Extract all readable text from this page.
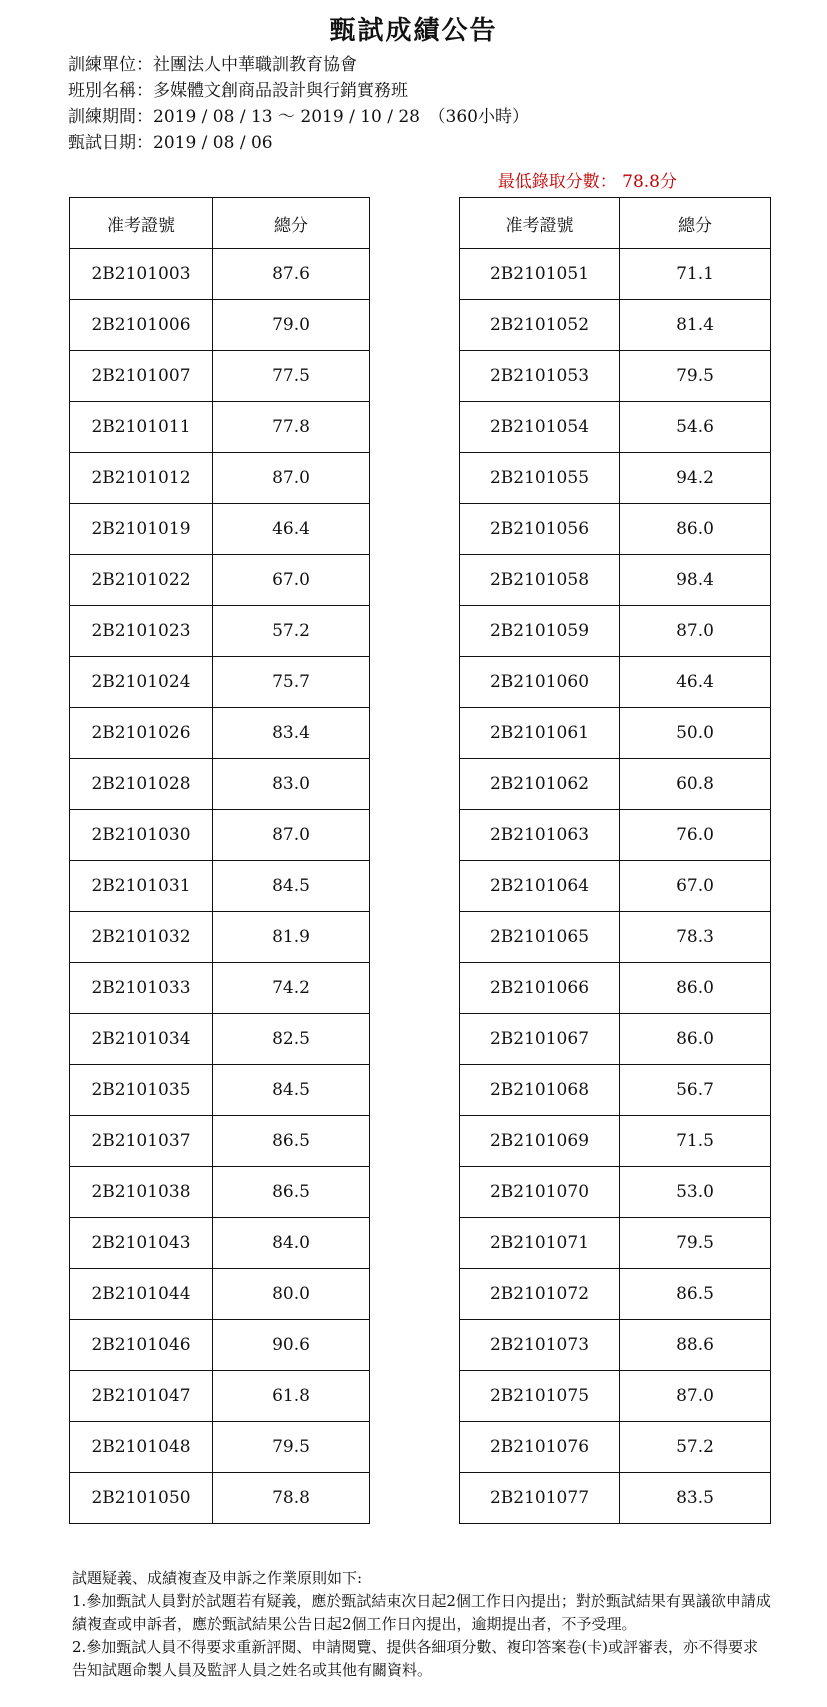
甄試成績公告
訓練單位：社團法人中華職訓教育協會
班別名稱：多媒體文創商品設計與行銷實務班
訓練期間：2019 / 08 / 13 ～ 2019 / 10 / 28　（360小時）
甄試日期：2019 / 08 / 06
最低錄取分數： 78.8分
准考證號	總分
2B2101003	87.6
2B2101006	79.0
2B2101007	77.5
2B2101011	77.8
2B2101012	87.0
2B2101019	46.4
2B2101022	67.0
2B2101023	57.2
2B2101024	75.7
2B2101026	83.4
2B2101028	83.0
2B2101030	87.0
2B2101031	84.5
2B2101032	81.9
2B2101033	74.2
2B2101034	82.5
2B2101035	84.5
2B2101037	86.5
2B2101038	86.5
2B2101043	84.0
2B2101044	80.0
2B2101046	90.6
2B2101047	61.8
2B2101048	79.5
2B2101050	78.8
准考證號	總分
2B2101051	71.1
2B2101052	81.4
2B2101053	79.5
2B2101054	54.6
2B2101055	94.2
2B2101056	86.0
2B2101058	98.4
2B2101059	87.0
2B2101060	46.4
2B2101061	50.0
2B2101062	60.8
2B2101063	76.0
2B2101064	67.0
2B2101065	78.3
2B2101066	86.0
2B2101067	86.0
2B2101068	56.7
2B2101069	71.5
2B2101070	53.0
2B2101071	79.5
2B2101072	86.5
2B2101073	88.6
2B2101075	87.0
2B2101076	57.2
2B2101077	83.5
試題疑義、成績複查及申訴之作業原則如下:
1.參加甄試人員對於試題若有疑義，應於甄試結束次日起2個工作日內提出；對於甄試結果有異議欲申請成績複查或申訴者，應於甄試結果公告日起2個工作日內提出，逾期提出者，不予受理。
2.參加甄試人員不得要求重新評閱、申請閱覽、提供各細項分數、複印答案卷(卡)或評審表，亦不得要求告知試題命製人員及監評人員之姓名或其他有關資料。
